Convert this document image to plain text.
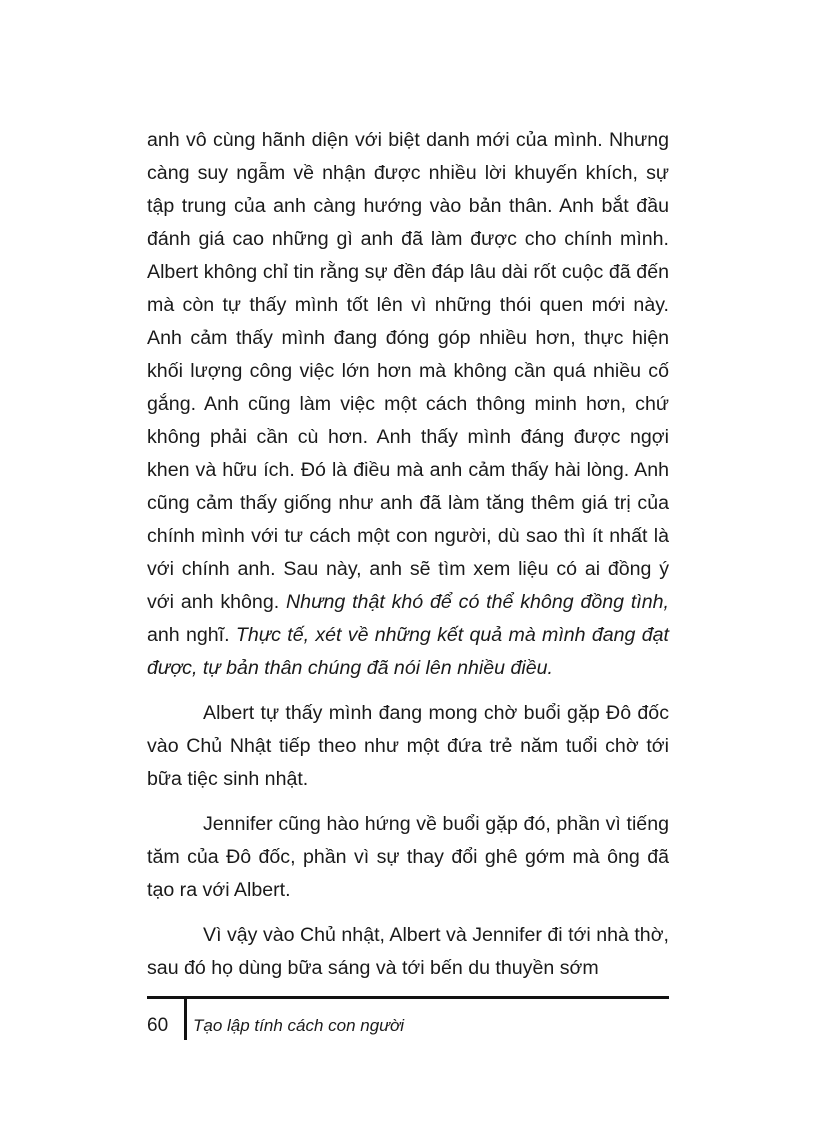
anh vô cùng hãnh diện với biệt danh mới của mình. Nhưng càng suy ngẫm về nhận được nhiều lời khuyến khích, sự tập trung của anh càng hướng vào bản thân. Anh bắt đầu đánh giá cao những gì anh đã làm được cho chính mình. Albert không chỉ tin rằng sự đền đáp lâu dài rốt cuộc đã đến mà còn tự thấy mình tốt lên vì những thói quen mới này. Anh cảm thấy mình đang đóng góp nhiều hơn, thực hiện khối lượng công việc lớn hơn mà không cần quá nhiều cố gắng. Anh cũng làm việc một cách thông minh hơn, chứ không phải cần cù hơn. Anh thấy mình đáng được ngợi khen và hữu ích. Đó là điều mà anh cảm thấy hài lòng. Anh cũng cảm thấy giống như anh đã làm tăng thêm giá trị của chính mình với tư cách một con người, dù sao thì ít nhất là với chính anh. Sau này, anh sẽ tìm xem liệu có ai đồng ý với anh không. Nhưng thật khó để có thể không đồng tình, anh nghĩ. Thực tế, xét về những kết quả mà mình đang đạt được, tự bản thân chúng đã nói lên nhiều điều.

Albert tự thấy mình đang mong chờ buổi gặp Đô đốc vào Chủ Nhật tiếp theo như một đứa trẻ năm tuổi chờ tới bữa tiệc sinh nhật.

Jennifer cũng hào hứng về buổi gặp đó, phần vì tiếng tăm của Đô đốc, phần vì sự thay đổi ghê gớm mà ông đã tạo ra với Albert.

Vì vậy vào Chủ nhật, Albert và Jennifer đi tới nhà thờ, sau đó họ dùng bữa sáng và tới bến du thuyền sớm

60	Tạo lập tính cách con người
